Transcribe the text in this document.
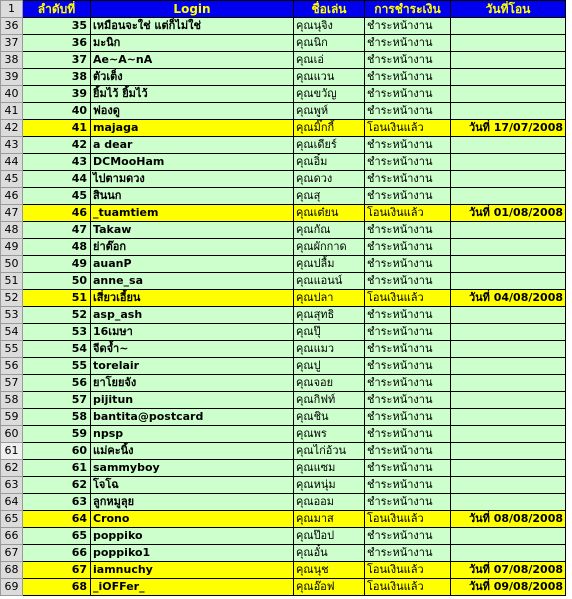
1	ลำดับที่	Login	ชื่อเล่น	การชำระเงิน	วันที่โอน
36	35	เหมือนจะใช่ แต่ก็ไม่ใช่	คุณนุจิง	ชำระหน้างาน	
37	36	มะนิก	คุณนิก	ชำระหน้างาน	
38	37	Ae~A~nA	คุณเอ่	ชำระหน้างาน	
39	38	ตัวเต็ง	คุณแวน	ชำระหน้างาน	
40	39	ยิ้มไว้ ยิ้มไว้	คุณขวัญ	ชำระหน้างาน	
41	40	ฟองดู	คุณพูห์	ชำระหน้างาน	
42	41	majaga	คุณมิ๊กกี้	โอนเงินแล้ว	วันที่ 17/07/2008
43	42	a dear	คุณเดียร์	ชำระหน้างาน	
44	43	DCMooHam	คุณอิ๋ม	ชำระหน้างาน	
45	44	ไปตามดวง	คุณดวง	ชำระหน้างาน	
46	45	สินนก	คุณสุ	ชำระหน้างาน	
47	46	_tuamtiem	คุณเต๋ยน	โอนเงินแล้ว	วันที่ 01/08/2008
48	47	Takaw	คุณกัณ	ชำระหน้างาน	
49	48	ย่าต๊อก	คุณผักกาด	ชำระหน้างาน	
50	49	auanP	คุณปลื้ม	ชำระหน้างาน	
51	50	anne_sa	คุณแอนน์	ชำระหน้างาน	
52	51	เสี่ยวเอี้ยน	คุณปลา	โอนเงินแล้ว	วันที่ 04/08/2008
53	52	asp_ash	คุณสุทธิ	ชำระหน้างาน	
54	53	16เมษา	คุณปุ๊	ชำระหน้างาน	
55	54	จีดจ้ำ~	คุณแมว	ชำระหน้างาน	
56	55	torelair	คุณปู	ชำระหน้างาน	
57	56	ยาโยยจัง	คุณจอย	ชำระหน้างาน	
58	57	pijitun	คุณกิฟท์	ชำระหน้างาน	
59	58	bantita@postcard	คุณชิน	ชำระหน้างาน	
60	59	npsp	คุณพร	ชำระหน้างาน	
61	60	แม่คะนิ้ง	คุณไก่อ้วน	ชำระหน้างาน	
62	61	sammyboy	คุณแซม	ชำระหน้างาน	
63	62	โจโฉ	คุณหนุ่ม	ชำระหน้างาน	
64	63	ลูกหมูลุย	คุณออม	ชำระหน้างาน	
65	64	Crono	คุณมาส	โอนเงินแล้ว	วันที่ 08/08/2008
66	65	poppiko	คุณป๊อป	ชำระหน้างาน	
67	66	poppiko1	คุณอั๋น	ชำระหน้างาน	
68	67	iamnuchy	คุณนุช	โอนเงินแล้ว	วันที่ 07/08/2008
69	68	_iOFFer_	คุณอ๊อฟ	โอนเงินแล้ว	วันที่ 09/08/2008
